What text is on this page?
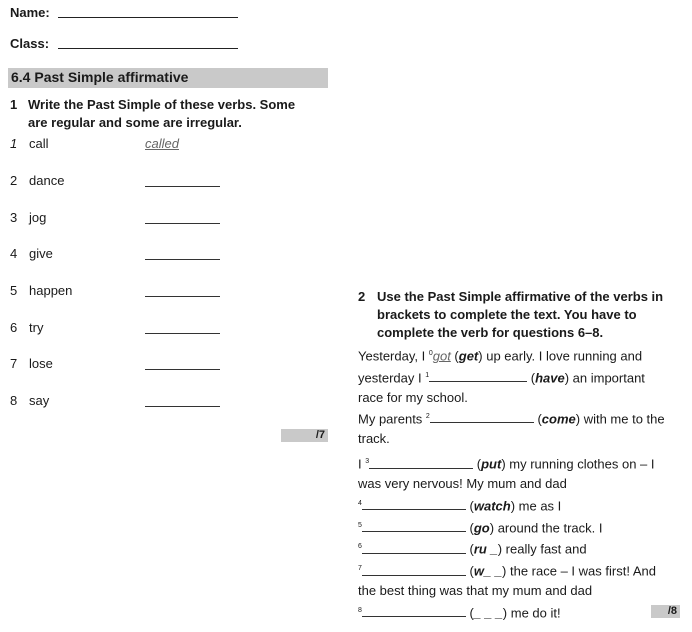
Name:
Class:
6.4 Past Simple affirmative
1 Write the Past Simple of these verbs. Some
are regular and some are irregular.
1 call	called
2 dance
3 jog
4 give
5 happen
6 try
7 lose
8 say
/7
2 Use the Past Simple affirmative of the verbs in
brackets to complete the text. You have to
complete the verb for questions 6–8.
Yesterday, I $^0$got (get) up early. I love running and
yesterday I $^1$	(have) an important
race for my school.
My parents $^2$	(come) with me to the
track.
I $^3$	(put) my running clothes on – I
was very nervous! My mum and dad
$^4$	(watch) me as I
$^5$	(go) around the track. I
$^6$	(ru _) really fast and
$^7$	(w_ _) the race – I was first! And
the best thing was that my mum and dad
$^8$	(_ _ _) me do it!	/8
